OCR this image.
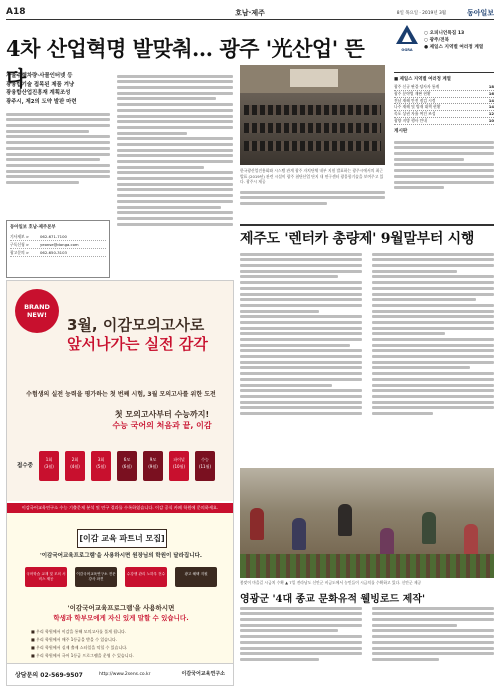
A18	호남·제주	8일 목요일 · 2019년 3월	동아일보
4차 산업혁명 발맞춰… 광주 '光산업' 뜬다
OGRA
○ 오피니언특집 13
○ 광주/전북
● 제일스 지역별 여러정 계열
■ 제일스 지역별 여러정 계열
광주 신규 판결·당사자 통계	18
광주 분야별 재판 현황	16
전남 재해 안전 점검 시정	14
나주 재해 및 방재 대책 현황	14
목포 상권 자율 여건 조성	12
광양 지방 행사 안내	10
자율주행차량·사물인터넷 등
광융합기술 접목된 제품 겨냥
광융합산업진흥재 계획조성
광주시, 제2의 도약 발판 마련
한국광산업진흥회와 시스템 관계 광주 자치단체 내부 지원 발표하는 광주시에서의 최근 발표 (2019년) 관련 시설이 광주 첨단산업 단지 내 연구센터 광융합기술을 보여주고 있다. 광주시 제공
게시판
동아일보 호남·제주본부
기사제보 >	062-671-7100
구독신청 >	yeonse@donga.com
광고문의 >	062-650-3103
BRAND NEW!
3월, 이감모의고사로
앞서나가는 실전 감각
수험생의 실전 능력을 평가하는 첫 번째 시험, 3월 모의고사를 위한 도전
첫 모의고사부터 수능까지!
수능 국어의 처음과 끝, 이감
접수중
1회
(3월)
2회
(4월)
3회
(5월)
6모
(6월)
9모
(9월)
파이널
(10월)
수능
(11월)
이감국어교육연구소 수능 기출문제 분석 및 연구 결과를 수록하였습니다. 이감 공식 카페 학원에 문의하세요.
[이감 교육 파트너 모집]
'이감국어교육프로그램'을 사용하시면 원장님의 학원이 달라집니다.
국어학습 교재 및 모의 서비스 제공
이감국어교육연구소 전문강사 파견
수강생 관리 노하우 전수	광고 혜택 지원
'이감국어교육프로그램'을 사용하시면
학생과 학부모에게 자신 있게 말할 수 있습니다.
■ 우리 학원에서 이감을 통해 모의고사를 풀게 됩니다.
■ 우리 학원에서 매주 1등급을 받을 수 있습니다.
■ 우리 학원에서 실제 출제 스타일을 익힐 수 있습니다.
■ 우리 학원에서 국어 1등급 프로그램을 운영 수 있습니다.
상담문의 02-569-9507	http://www.2sens.co.kr	이감국어교육연구소
제주도 '렌터카 총량제' 9월말부터 시행
봄맞이 마을길 시금치 수확 ▲ 7일 전라남도 신안군 비금도에서 농민들이 시금치를 수확하고 있다. 신안군 제공
영광군 '4대 종교 문화유적 웰빙로드 제작'
